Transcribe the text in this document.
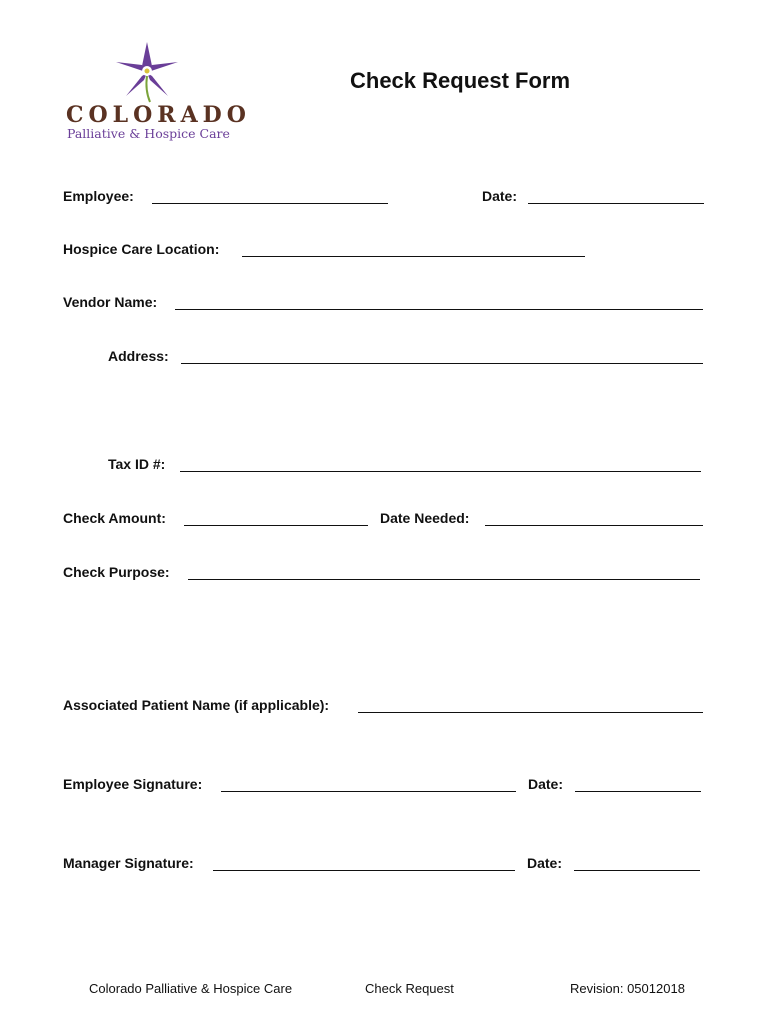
COLORADO
Palliative & Hospice Care
Check Request Form
Employee:	Date:
Hospice Care Location:
Vendor Name:
Address:
Tax ID #:
Check Amount:	Date Needed:
Check Purpose:
Associated Patient Name (if applicable):
Employee Signature:	Date:
Manager Signature:	Date:
Colorado Palliative & Hospice Care	Check Request	Revision: 05012018
